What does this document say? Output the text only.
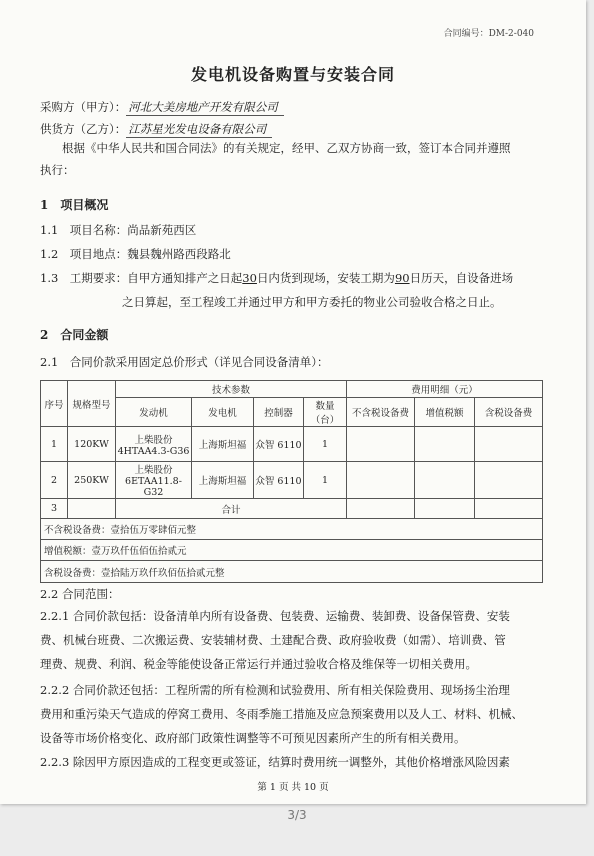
合同编号：DM-2-040
发电机设备购置与安装合同
采购方（甲方）： 河北大美房地产开发有限公司
供货方（乙方）： 江苏星光发电设备有限公司
根据《中华人民共和国合同法》的有关规定，经甲、乙双方协商一致，签订本合同并遵照
执行：
1　项目概况
1.1　项目名称：尚品新苑西区
1.2　项目地点：魏县魏州路西段路北
1.3　工期要求：自甲方通知排产之日起30日内货到现场，安装工期为90日历天，自设备进场
之日算起，至工程竣工并通过甲方和甲方委托的物业公司验收合格之日止。
2　合同金额
2.1　合同价款采用固定总价形式（详见合同设备清单）：
序号	规格型号	技术参数				费用明细（元）		
		发动机	发电机	控制器	数量（台）	不含税设备费	增值税额	含税设备费
1	120KW	上柴股份
4HTAA4.3-G36	上海斯坦福	众智 6110	1			
2	250KW	上柴股份
6ETAA11.8-G32	上海斯坦福	众智 6110	1			
3		合计						
不含税设备费：壹拾伍万零肆佰元整								
增值税额：壹万玖仟伍佰伍拾贰元								
含税设备费：壹拾陆万玖仟玖佰伍拾贰元整								
2.2 合同范围：
2.2.1 合同价款包括：设备清单内所有设备费、包装费、运输费、装卸费、设备保管费、安装
费、机械台班费、二次搬运费、安装辅材费、土建配合费、政府验收费（如需）、培训费、管
理费、规费、利润、税金等能使设备正常运行并通过验收合格及维保等一切相关费用。
2.2.2 合同价款还包括：工程所需的所有检测和试验费用、所有相关保险费用、现场扬尘治理
费用和重污染天气造成的停窝工费用、冬雨季施工措施及应急预案费用以及人工、材料、机械、
设备等市场价格变化、政府部门政策性调整等不可预见因素所产生的所有相关费用。
2.2.3 除因甲方原因造成的工程变更或签证，结算时费用统一调整外，其他价格增涨风险因素
第 1 页 共 10 页
3/3
